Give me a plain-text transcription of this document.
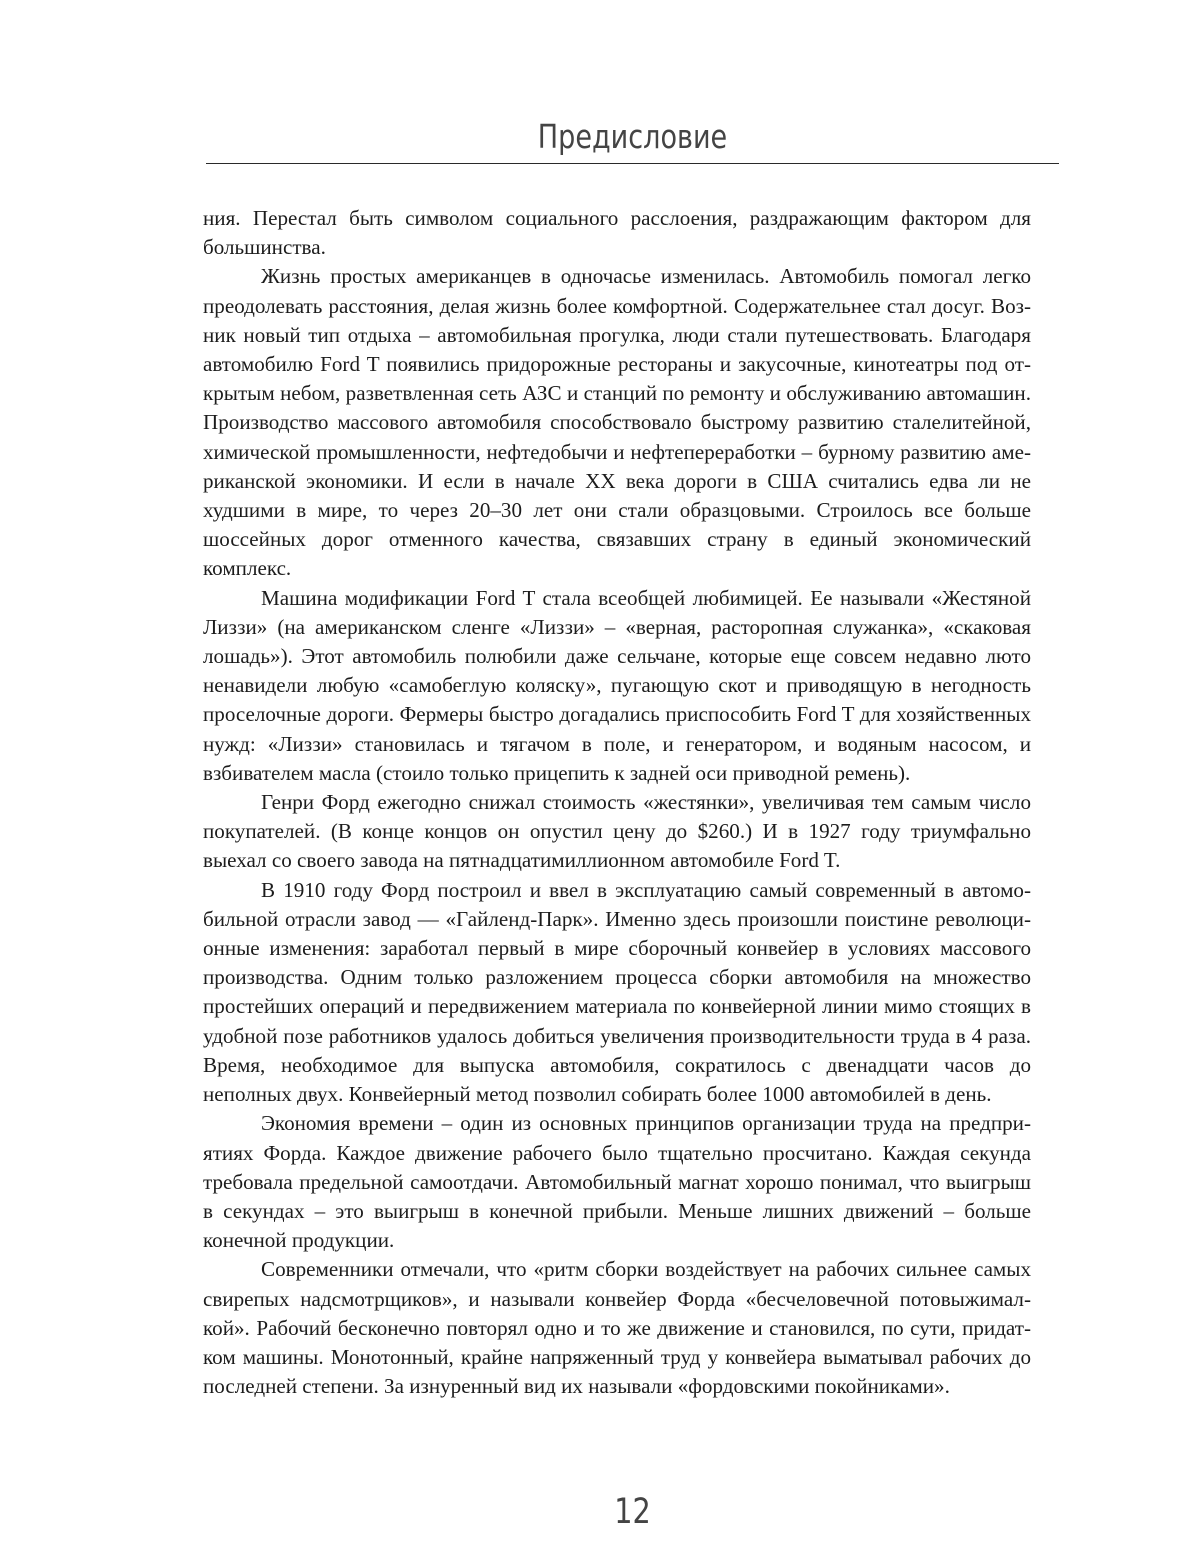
Предисловие

ния. Перестал быть символом социального расслоения, раздражающим фактором для большинства.

Жизнь простых американцев в одночасье изменилась. Автомобиль помогал легко преодолевать расстояния, делая жизнь более комфортной. Содержательнее стал досуг. Возник новый тип отдыха – автомобильная прогулка, люди стали путешествовать. Благодаря автомобилю Ford T появились придорожные рестораны и закусочные, кинотеатры под открытым небом, разветвленная сеть АЗС и станций по ремонту и обслуживанию автомашин. Производство массового автомобиля способствовало быстрому развитию сталелитейной, химической промышленности, нефтедобычи и нефтепереработки – бурному развитию американской экономики. И если в начале XX века дороги в США считались едва ли не худшими в мире, то через 20–30 лет они стали образцовыми. Строилось все больше шоссейных дорог отменного качества, связавших страну в единый экономический комплекс.

Машина модификации Ford T стала всеобщей любимицей. Ее называли «Жестяной Лиззи» (на американском сленге «Лиззи» – «верная, расторопная служанка», «скаковая лошадь»). Этот автомобиль полюбили даже сельчане, которые еще совсем недавно люто ненавидели любую «самобеглую коляску», пугающую скот и приводящую в негодность проселочные дороги. Фермеры быстро догадались приспособить Ford T для хозяйственных нужд: «Лиззи» становилась и тягачом в поле, и генератором, и водяным насосом, и взбивателем масла (стоило только прицепить к задней оси приводной ремень).

Генри Форд ежегодно снижал стоимость «жестянки», увеличивая тем самым число покупателей. (В конце концов он опустил цену до $260.) И в 1927 году триумфально выехал со своего завода на пятнадцатимиллионном автомобиле Ford T.

В 1910 году Форд построил и ввел в эксплуатацию самый современный в автомобильной отрасли завод — «Гайленд-Парк». Именно здесь произошли поистине революционные изменения: заработал первый в мире сборочный конвейер в условиях массового производства. Одним только разложением процесса сборки автомобиля на множество простейших операций и передвижением материала по конвейерной линии мимо стоящих в удобной позе работников удалось добиться увеличения производительности труда в 4 раза. Время, необходимое для выпуска автомобиля, сократилось с двенадцати часов до неполных двух. Конвейерный метод позволил собирать более 1000 автомобилей в день.

Экономия времени – один из основных принципов организации труда на предприятиях Форда. Каждое движение рабочего было тщательно просчитано. Каждая секунда требовала предельной самоотдачи. Автомобильный магнат хорошо понимал, что выигрыш в секундах – это выигрыш в конечной прибыли. Меньше лишних движений – больше конечной продукции.

Современники отмечали, что «ритм сборки воздействует на рабочих сильнее самых свирепых надсмотрщиков», и называли конвейер Форда «бесчеловечной потовыжималкой». Рабочий бесконечно повторял одно и то же движение и становился, по сути, придатком машины. Монотонный, крайне напряженный труд у конвейера выматывал рабочих до последней степени. За изнуренный вид их называли «фордовскими покойниками».

12
